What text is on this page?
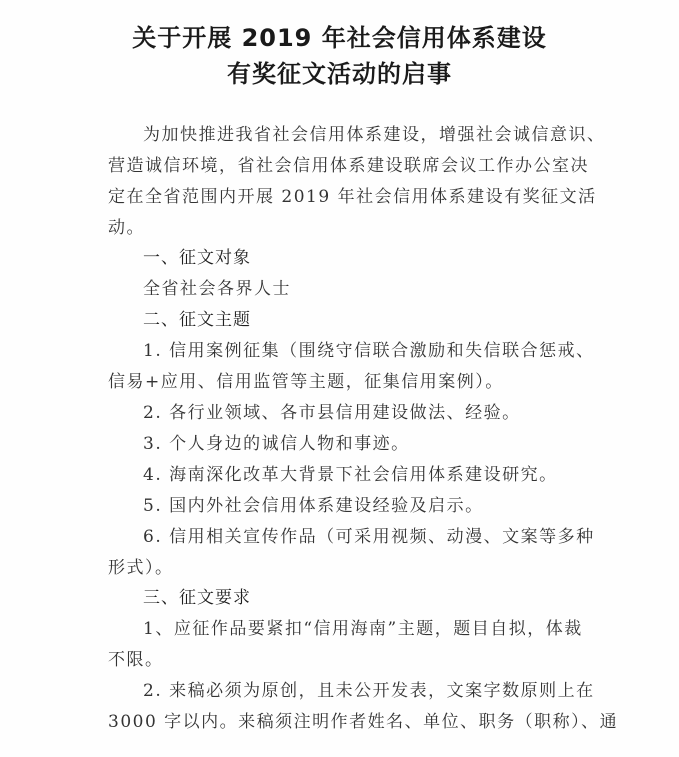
关于开展 2019 年社会信用体系建设
有奖征文活动的启事
为加快推进我省社会信用体系建设，增强社会诚信意识、
营造诚信环境，省社会信用体系建设联席会议工作办公室决
定在全省范围内开展 2019 年社会信用体系建设有奖征文活
动。
一、征文对象
全省社会各界人士
二、征文主题
1. 信用案例征集（围绕守信联合激励和失信联合惩戒、
信易+应用、信用监管等主题，征集信用案例）。
2. 各行业领域、各市县信用建设做法、经验。
3. 个人身边的诚信人物和事迹。
4. 海南深化改革大背景下社会信用体系建设研究。
5. 国内外社会信用体系建设经验及启示。
6. 信用相关宣传作品（可采用视频、动漫、文案等多种
形式）。
三、征文要求
1、应征作品要紧扣“信用海南”主题，题目自拟，体裁
不限。
2. 来稿必须为原创，且未公开发表，文案字数原则上在
3000 字以内。来稿须注明作者姓名、单位、职务（职称）、通
